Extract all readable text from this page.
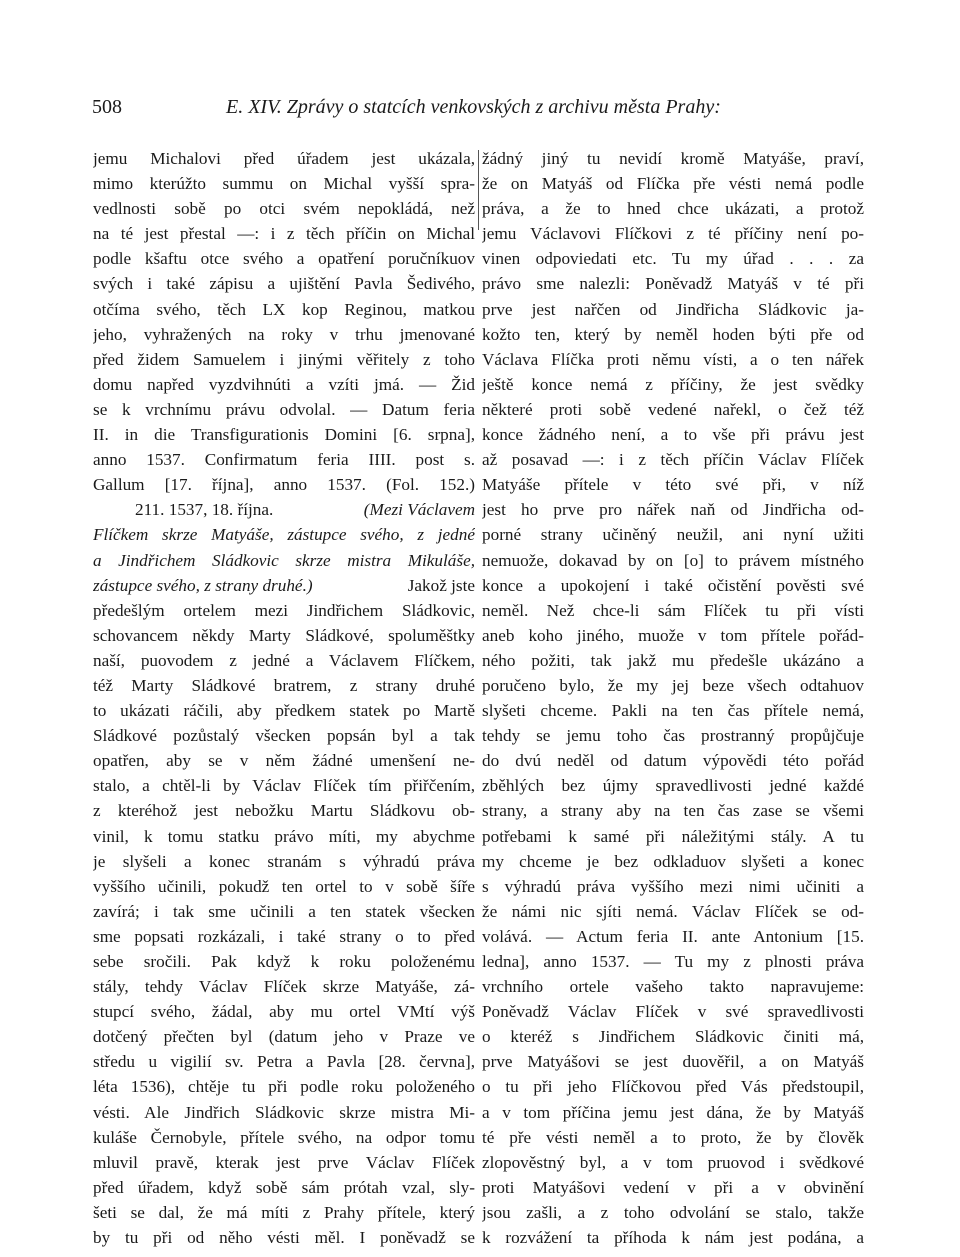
508	E. XIV. Zprávy o statcích venkovských z archivu města Prahy:
jemu Michalovi před úřadem jest ukázala,
mimo kterúžto summu on Michal vyšší spra-
vedlnosti sobě po otci svém nepokládá, než
na té jest přestal —: i z těch příčin on Michal
podle kšaftu otce svého a opatření poručníkuov
svých i také zápisu a ujištění Pavla Šedivého,
otčíma svého, těch LX kop Reginou, matkou
jeho, vyhražených na roky v trhu jmenované
před židem Samuelem i jinými věřitely z toho
domu napřed vyzdvihnúti a vzíti jmá. — Žid
se k vrchnímu právu odvolal. — Datum feria
II. in die Transfigurationis Domini [6. srpna],
anno 1537. Confirmatum feria IIII. post s.
Gallum [17. října], anno 1537. (Fol. 152.)
211. 1537, 18. října.	(Mezi Václavem
Flíčkem skrze Matyáše, zástupce svého, z jedné
a Jindřichem Sládkovic skrze mistra Mikuláše,
zástupce svého, z strany druhé.)	Jakož jste
předešlým ortelem mezi Jindřichem Sládkovic,
schovancem někdy Marty Sládkové, spoluměštky
naší, puovodem z jedné a Václavem Flíčkem,
též Marty Sládkové bratrem, z strany druhé
to ukázati ráčili, aby předkem statek po Martě
Sládkové pozůstalý všecken popsán byl a tak
opatřen, aby se v něm žádné umenšení ne-
stalo, a chtěl-li by Václav Flíček tím přiřčením,
z kteréhož jest nebožku Martu Sládkovu ob-
vinil, k tomu statku právo míti, my abychme
je slyšeli a konec stranám s výhradú práva
vyššího učinili, pokudž ten ortel to v sobě šíře
zavírá; i tak sme učinili a ten statek všecken
sme popsati rozkázali, i také strany o to před
sebe sročili. Pak když k roku položenému
stály, tehdy Václav Flíček skrze Matyáše, zá-
stupcí svého, žádal, aby mu ortel VMtí výš
dotčený přečten byl (datum jeho v Praze ve
středu u vigilií sv. Petra a Pavla [28. června],
léta 1536), chtěje tu při podle roku položeného
vésti. Ale Jindřich Sládkovic skrze mistra Mi-
kuláše Černobyle, přítele svého, na odpor tomu
mluvil pravě, kterak jest prve Václav Flíček
před úřadem, když sobě sám prótah vzal, sly-
šeti se dal, že má míti z Prahy přítele, který
by tu při od něho vésti měl. I poněvadž se
žádný jiný tu nevidí kromě Matyáše, praví,
že on Matyáš od Flíčka pře vésti nemá podle
práva, a že to hned chce ukázati, a protož
jemu Václavovi Flíčkovi z té příčiny není po-
vinen odpoviedati etc. Tu my úřad . . . za
právo sme nalezli: Poněvadž Matyáš v té při
prve jest nařčen od Jindřicha Sládkovic ja-
kožto ten, který by neměl hoden býti pře od
Václava Flíčka proti němu vísti, a o ten nářek
ještě konce nemá z příčiny, že jest svědky
některé proti sobě vedené nařekl, o čež též
konce žádného není, a to vše při právu jest
až posavad —: i z těch příčin Václav Flíček
Matyáše přítele v této své při, v níž
jest ho prve pro nářek naň od Jindřicha od-
porné strany učiněný neužil, ani nyní užiti
nemuože, dokavad by on [o] to právem místného
konce a upokojení i také očistění pověsti své
neměl. Než chce-li sám Flíček tu při vísti
aneb koho jiného, muože v tom přítele pořád-
ného požiti, tak jakž mu předešle ukázáno a
poručeno bylo, že my jej beze všech odtahuov
slyšeti chceme. Pakli na ten čas přítele nemá,
tehdy se jemu toho čas prostranný propůjčuje
do dvú neděl od datum výpovědi této pořád
zběhlých bez újmy spravedlivosti jedné každé
strany, a strany aby na ten čas zase se všemi
potřebami k samé při náležitými stály. A tu
my chceme je bez odkladuov slyšeti a konec
s výhradú práva vyššího mezi nimi učiniti a
že námi nic sjíti nemá. Václav Flíček se od-
volává. — Actum feria II. ante Antonium [15.
ledna], anno 1537. — Tu my z plnosti práva
vrchního ortele vašeho takto napravujeme:
Poněvadž Václav Flíček v své spravedlivosti
o kteréž s Jindřichem Sládkovic činiti má,
prve Matyášovi se jest duověřil, a on Matyáš
o tu při jeho Flíčkovou před Vás předstoupil,
a v tom příčina jemu jest dána, že by Matyáš
té pře vésti neměl a to proto, že by člověk
zlopověstný byl, a v tom pruovod i svědkové
proti Matyášovi vedení v při a v obvinění
jsou zašli, a z toho odvolání se stalo, takže
k rozvážení ta příhoda k nám jest podána, a
